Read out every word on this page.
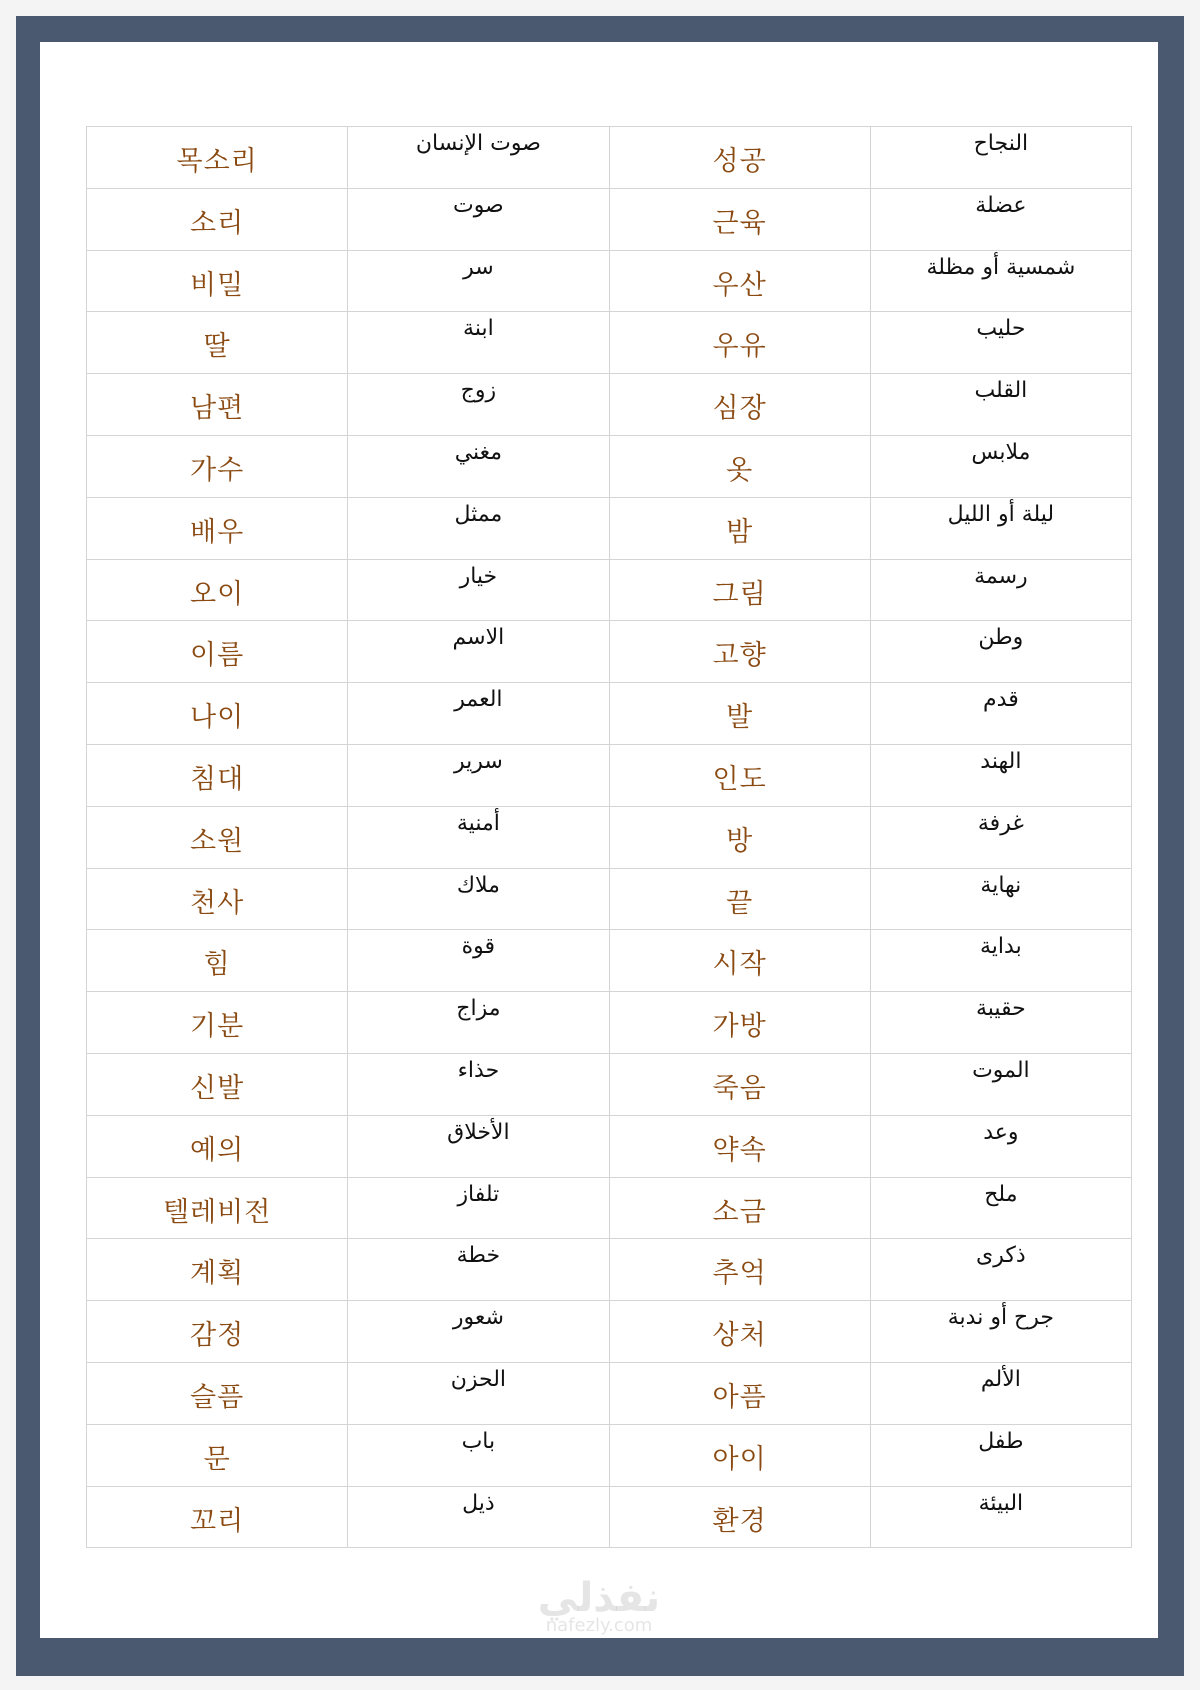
목소리	صوت الإنسان	성공	النجاح

소리	صوت	근육	عضلة

비밀	سر	우산	شمسية أو مظلة

딸	ابنة	우유	حليب

남편	زوج	심장	القلب

가수	مغني	옷	ملابس

배우	ممثل	밤	ليلة أو الليل

오이	خيار	그림	رسمة

이름	الاسم	고향	وطن

나이	العمر	발	قدم

침대	سرير	인도	الهند

소원	أمنية	방	غرفة

천사	ملاك	끝	نهاية

힘	قوة	시작	بداية

기분	مزاج	가방	حقيبة

신발	حذاء	죽음	الموت

예의	الأخلاق	약속	وعد

텔레비전	تلفاز	소금	ملح

계획	خطة	추억	ذكرى

감정	شعور	상처	جرح أو ندبة

슬픔	الحزن	아픔	الألم

문	باب	아이	طفل

꼬리	ذيل	환경	البيئة
نفذلي
nafezly.com
